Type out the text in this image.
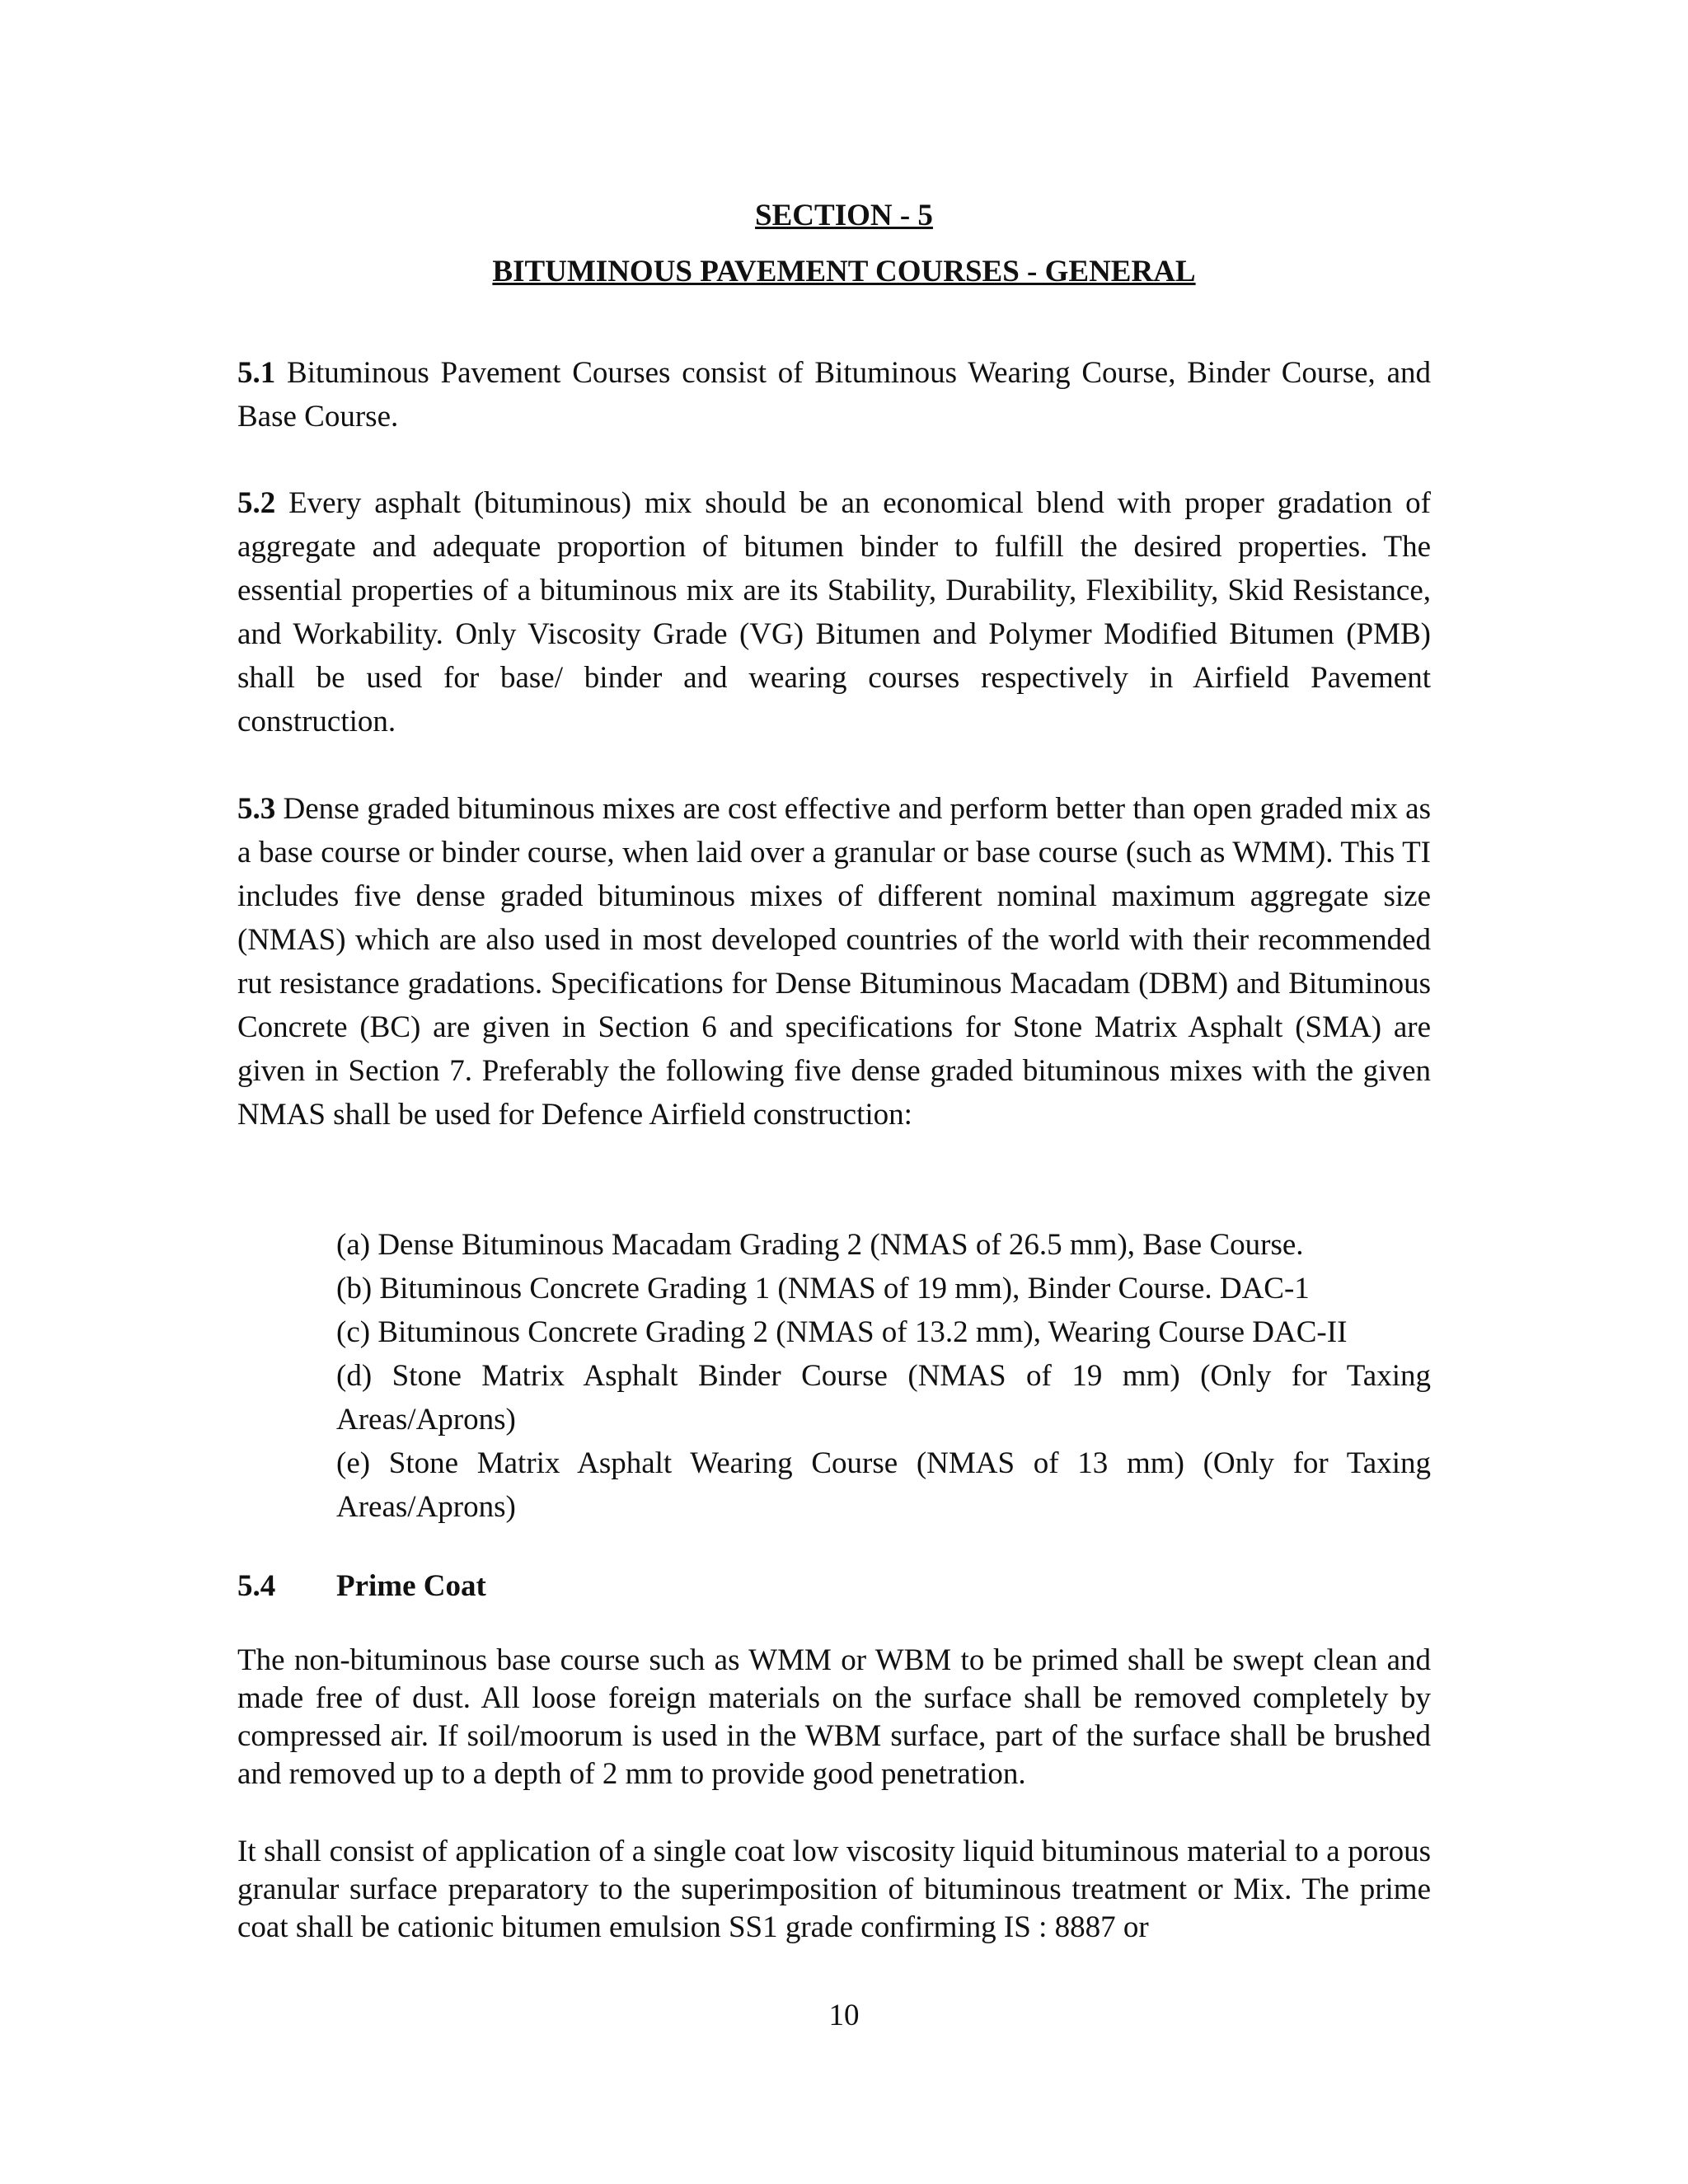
SECTION - 5
BITUMINOUS PAVEMENT COURSES - GENERAL

5.1 Bituminous Pavement Courses consist of Bituminous Wearing Course, Binder Course, and Base Course.

5.2 Every asphalt (bituminous) mix should be an economical blend with proper gradation of aggregate and adequate proportion of bitumen binder to fulfill the desired properties. The essential properties of a bituminous mix are its Stability, Durability, Flexibility, Skid Resistance, and Workability. Only Viscosity Grade (VG) Bitumen and Polymer Modified Bitumen (PMB) shall be used for base/ binder and wearing courses respectively in Airfield Pavement construction.

5.3 Dense graded bituminous mixes are cost effective and perform better than open graded mix as a base course or binder course, when laid over a granular or base course (such as WMM). This TI includes five dense graded bituminous mixes of different nominal maximum aggregate size (NMAS) which are also used in most developed countries of the world with their recommended rut resistance gradations. Specifications for Dense Bituminous Macadam (DBM) and Bituminous Concrete (BC) are given in Section 6 and specifications for Stone Matrix Asphalt (SMA) are given in Section 7. Preferably the following five dense graded bituminous mixes with the given NMAS shall be used for Defence Airfield construction:

(a) Dense Bituminous Macadam Grading 2 (NMAS of 26.5 mm), Base Course.
(b) Bituminous Concrete Grading 1 (NMAS of 19 mm), Binder Course. DAC-1
(c) Bituminous Concrete Grading 2 (NMAS of 13.2 mm), Wearing Course DAC-II
(d) Stone Matrix Asphalt Binder Course (NMAS of 19 mm) (Only for Taxing Areas/Aprons)
(e) Stone Matrix Asphalt Wearing Course (NMAS of 13 mm) (Only for Taxing Areas/Aprons)
5.4 Prime Coat

The non-bituminous base course such as WMM or WBM to be primed shall be swept clean and made free of dust. All loose foreign materials on the surface shall be removed completely by compressed air. If soil/moorum is used in the WBM surface, part of the surface shall be brushed and removed up to a depth of 2 mm to provide good penetration.

It shall consist of application of a single coat low viscosity liquid bituminous material to a porous granular surface preparatory to the superimposition of bituminous treatment or Mix. The prime coat shall be cationic bitumen emulsion SS1 grade confirming IS : 8887 or

10
